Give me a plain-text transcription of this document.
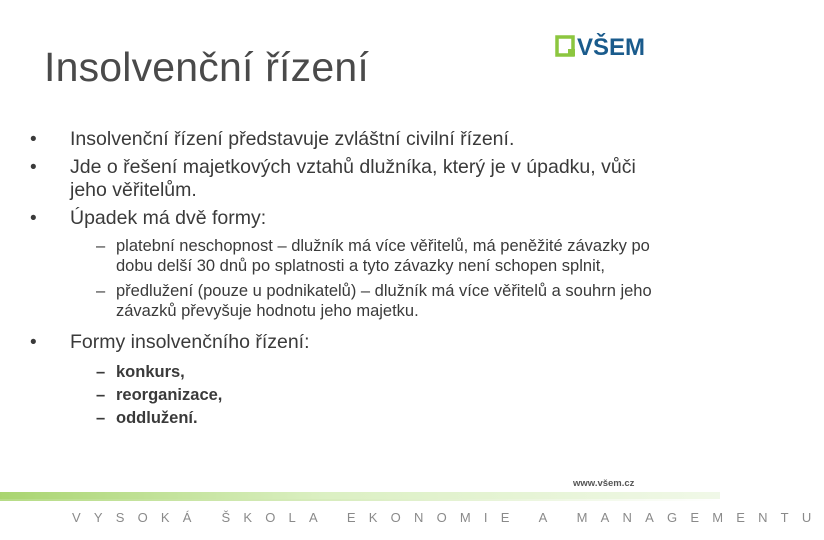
Insolvenční řízení	VŠEM
• Insolvenční řízení představuje zvláštní civilní řízení.
• Jde o řešení majetkových vztahů dlužníka, který je v úpadku, vůči jeho věřitelům.
• Úpadek má dvě formy:
– platební neschopnost – dlužník má více věřitelů, má peněžité závazky po dobu delší 30 dnů po splatnosti a tyto závazky není schopen splnit,
– předlužení (pouze u podnikatelů) – dlužník má více věřitelů a souhrn jeho závazků převyšuje hodnotu jeho majetku.
• Formy insolvenčního řízení:
– konkurs,
– reorganizace,
– oddlužení.
www.všem.cz
VYSOKÁ ŠKOLA EKONOMIE A MANAGEMENTU
